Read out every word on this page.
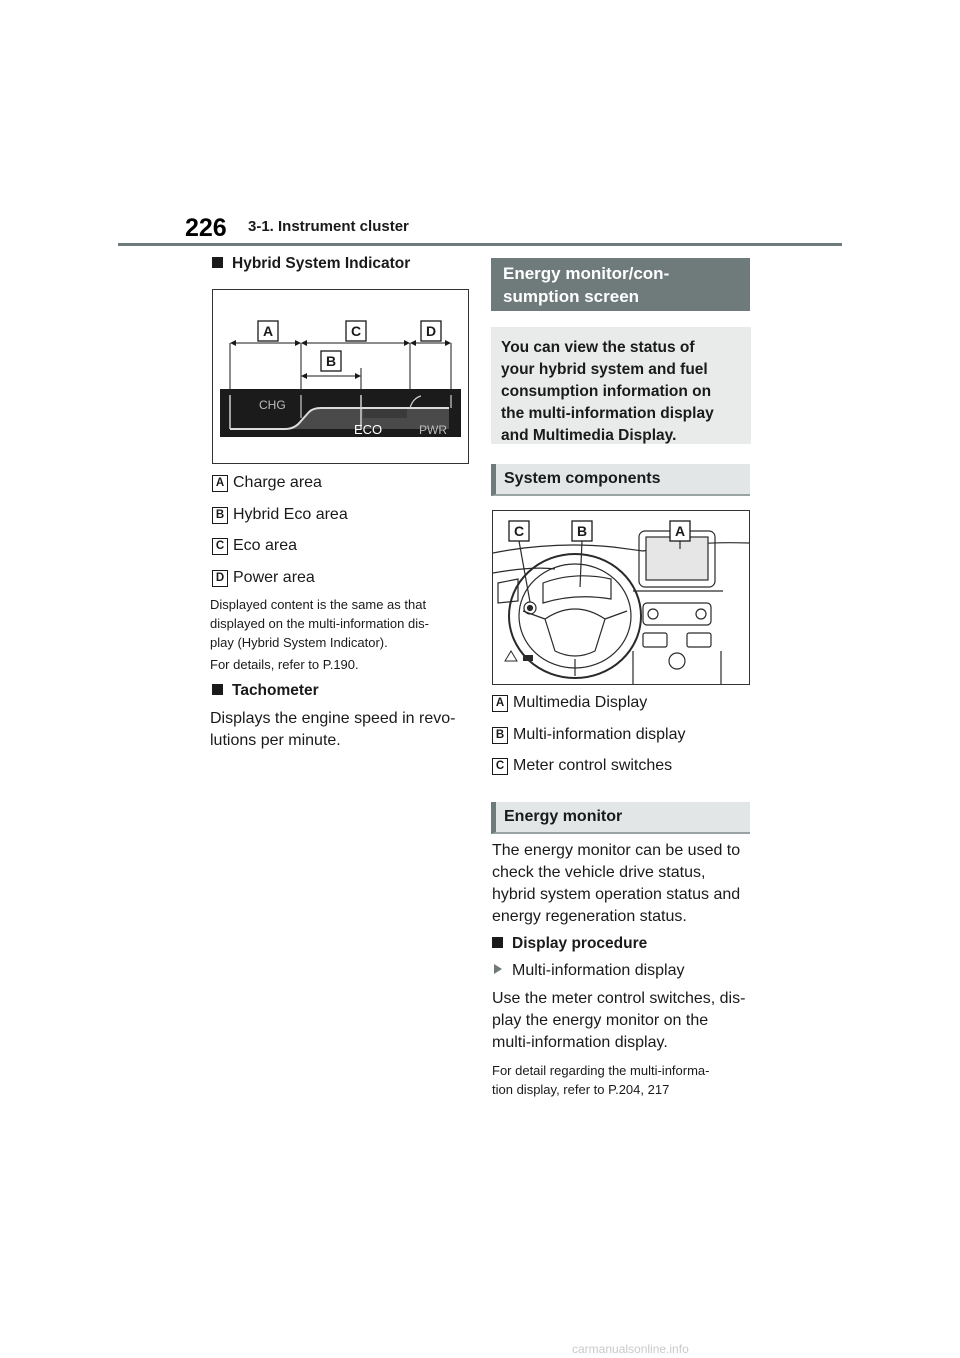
226 3-1. Instrument cluster
Hybrid System Indicator
A	C	D
B
CHG
ECO	PWR
A Charge area
B Hybrid Eco area
C Eco area
D Power area
Displayed content is the same as that
displayed on the multi-information dis-
play (Hybrid System Indicator).
For details, refer to P.190.
Tachometer
Displays the engine speed in revo-
lutions per minute.
Energy monitor/con-
sumption screen
You can view the status of
your hybrid system and fuel
consumption information on
the multi-information display
and Multimedia Display.
System components
C	B	A
A Multimedia Display
B Multi-information display
C Meter control switches
Energy monitor
The energy monitor can be used to
check the vehicle drive status,
hybrid system operation status and
energy regeneration status.
Display procedure
Multi-information display
Use the meter control switches, dis-
play the energy monitor on the
multi-information display.
For detail regarding the multi-informa-
tion display, refer to P.204, 217
carmanualsonline.info
